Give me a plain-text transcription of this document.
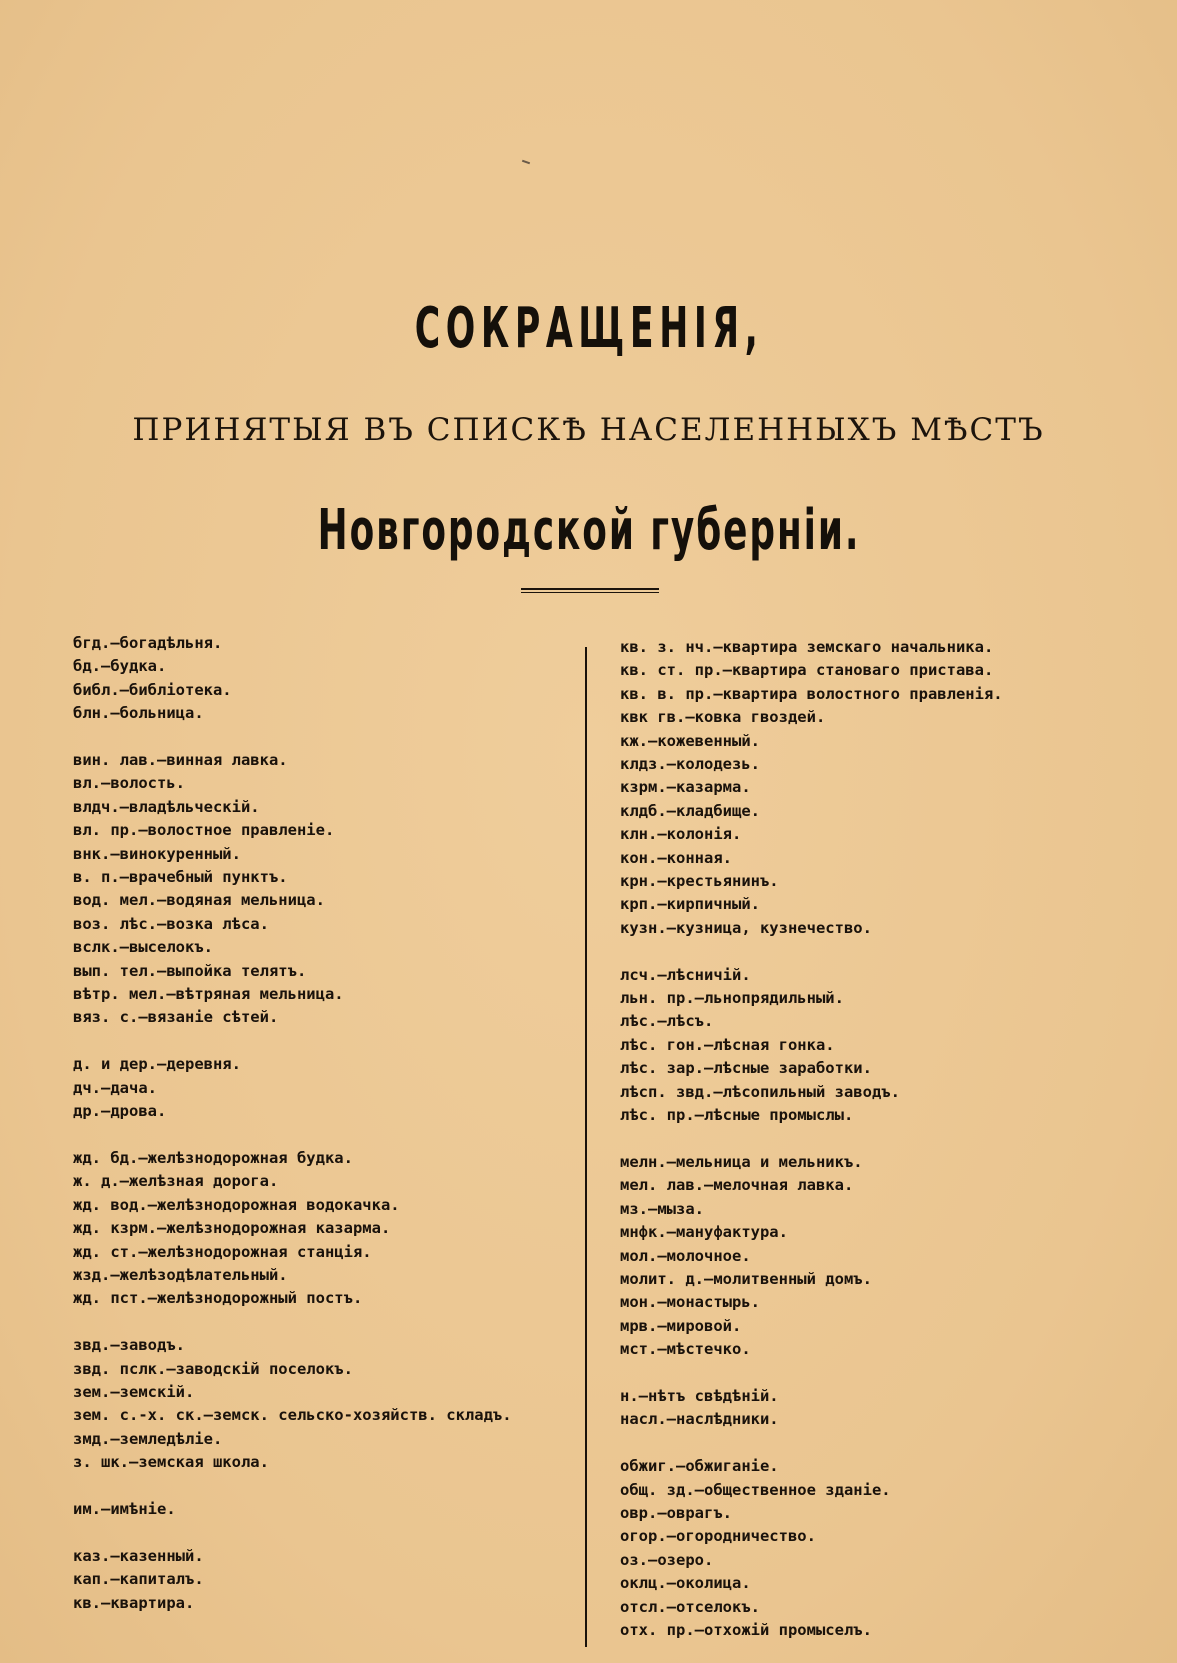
СОКРАЩЕНІЯ,
ПРИНЯТЫЯ ВЪ СПИСКѢ НАСЕЛЕННЫХЪ МѢСТЪ
Новгородской губерніи.
бгд.—богадѣльня.
бд.—будка.
библ.—библіотека.
блн.—больница.
вин. лав.—винная лавка.
вл.—волость.
влдч.—владѣльческій.
вл. пр.—волостное правленіе.
внк.—винокуренный.
в. п.—врачебный пунктъ.
вод. мел.—водяная мельница.
воз. лѣс.—возка лѣса.
вслк.—выселокъ.
вып. тел.—выпойка телятъ.
вѣтр. мел.—вѣтряная мельница.
вяз. с.—вязаніе сѣтей.
д. и дер.—деревня.
дч.—дача.
др.—дрова.
жд. бд.—желѣзнодорожная будка.
ж. д.—желѣзная дорога.
жд. вод.—желѣзнодорожная водокачка.
жд. кзрм.—желѣзнодорожная казарма.
жд. ст.—желѣзнодорожная станція.
жзд.—желѣзодѣлательный.
жд. пст.—желѣзнодорожный постъ.
звд.—заводъ.
звд. пслк.—заводскій поселокъ.
зем.—земскій.
зем. с.-х. ск.—земск. сельско-хозяйств. складъ.
змд.—земледѣліе.
з. шк.—земская школа.
им.—имѣніе.
каз.—казенный.
кап.—капиталъ.
кв.—квартира.
кв. з. нч.—квартира земскаго начальника.
кв. ст. пр.—квартира становаго пристава.
кв. в. пр.—квартира волостного правленія.
квк гв.—ковка гвоздей.
кж.—кожевенный.
клдз.—колодезь.
кзрм.—казарма.
клдб.—кладбище.
клн.—колонія.
кон.—конная.
крн.—крестьянинъ.
крп.—кирпичный.
кузн.—кузница, кузнечество.
лсч.—лѣсничій.
льн. пр.—льнопрядильный.
лѣс.—лѣсъ.
лѣс. гон.—лѣсная гонка.
лѣс. зар.—лѣсные заработки.
лѣсп. звд.—лѣсопильный заводъ.
лѣс. пр.—лѣсные промыслы.
мелн.—мельница и мельникъ.
мел. лав.—мелочная лавка.
мз.—мыза.
мнфк.—мануфактура.
мол.—молочное.
молит. д.—молитвенный домъ.
мон.—монастырь.
мрв.—мировой.
мст.—мѣстечко.
н.—нѣтъ свѣдѣній.
насл.—наслѣдники.
обжиг.—обжиганіе.
общ. зд.—общественное зданіе.
овр.—оврагъ.
огор.—огородничество.
оз.—озеро.
оклц.—околица.
отсл.—отселокъ.
отх. пр.—отхожій промыселъ.
